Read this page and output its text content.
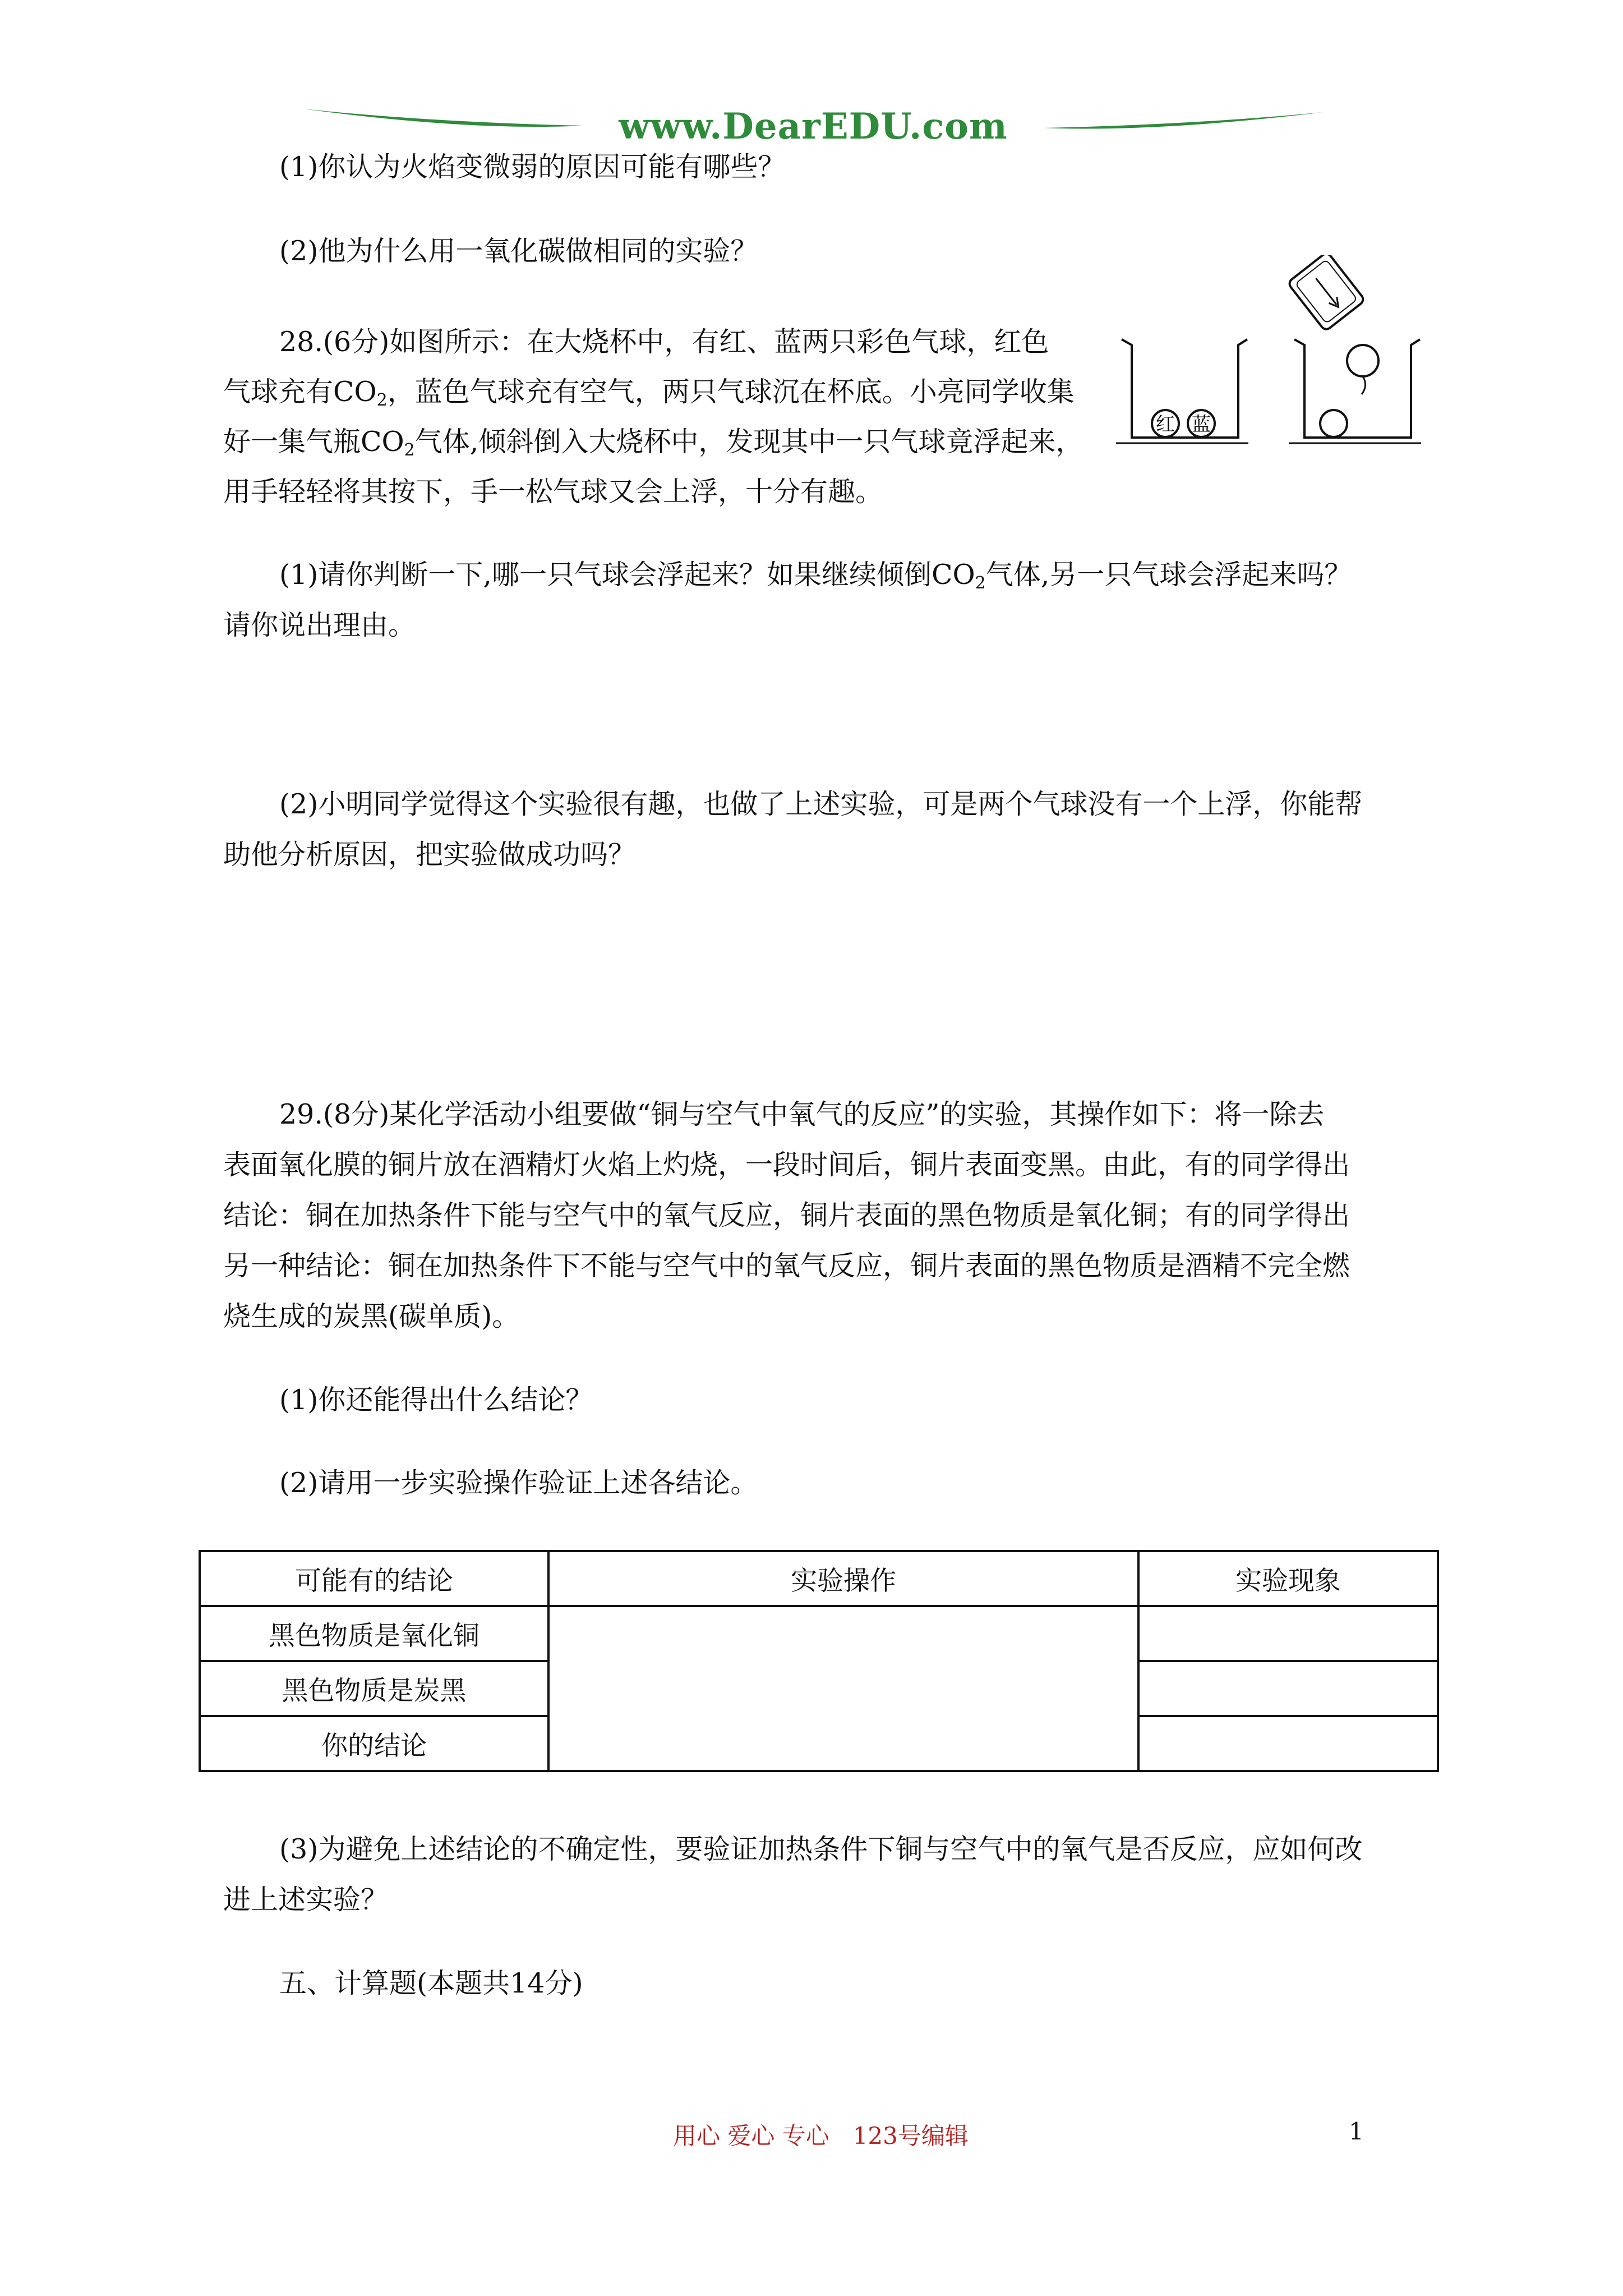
www.DearEDU.com
(1)你认为火焰变微弱的原因可能有哪些？
(2)他为什么用一氧化碳做相同的实验？
28.(6分)如图所示：在大烧杯中，有红、蓝两只彩色气球，红色
气球充有$CO_2$，蓝色气球充有空气，两只气球沉在杯底。小亮同学收集
好一集气瓶$CO_2$气体,倾斜倒入大烧杯中，发现其中一只气球竟浮起来，
用手轻轻将其按下，手一松气球又会上浮，十分有趣。
红 蓝
(1)请你判断一下,哪一只气球会浮起来？如果继续倾倒$CO_2$气体,另一只气球会浮起来吗？
请你说出理由。
(2)小明同学觉得这个实验很有趣，也做了上述实验，可是两个气球没有一个上浮，你能帮
助他分析原因，把实验做成功吗？
29.(8分)某化学活动小组要做“铜与空气中氧气的反应”的实验，其操作如下：将一除去
表面氧化膜的铜片放在酒精灯火焰上灼烧，一段时间后，铜片表面变黑。由此，有的同学得出
结论：铜在加热条件下能与空气中的氧气反应，铜片表面的黑色物质是氧化铜；有的同学得出
另一种结论：铜在加热条件下不能与空气中的氧气反应，铜片表面的黑色物质是酒精不完全燃
烧生成的炭黑(碳单质)。
(1)你还能得出什么结论？
(2)请用一步实验操作验证上述各结论。
可能有的结论	实验操作	实验现象
黑色物质是氧化铜		
黑色物质是炭黑		
你的结论		
(3)为避免上述结论的不确定性，要验证加热条件下铜与空气中的氧气是否反应，应如何改
进上述实验？
五、计算题(本题共14分)
用心 爱心 专心　123号编辑	1
